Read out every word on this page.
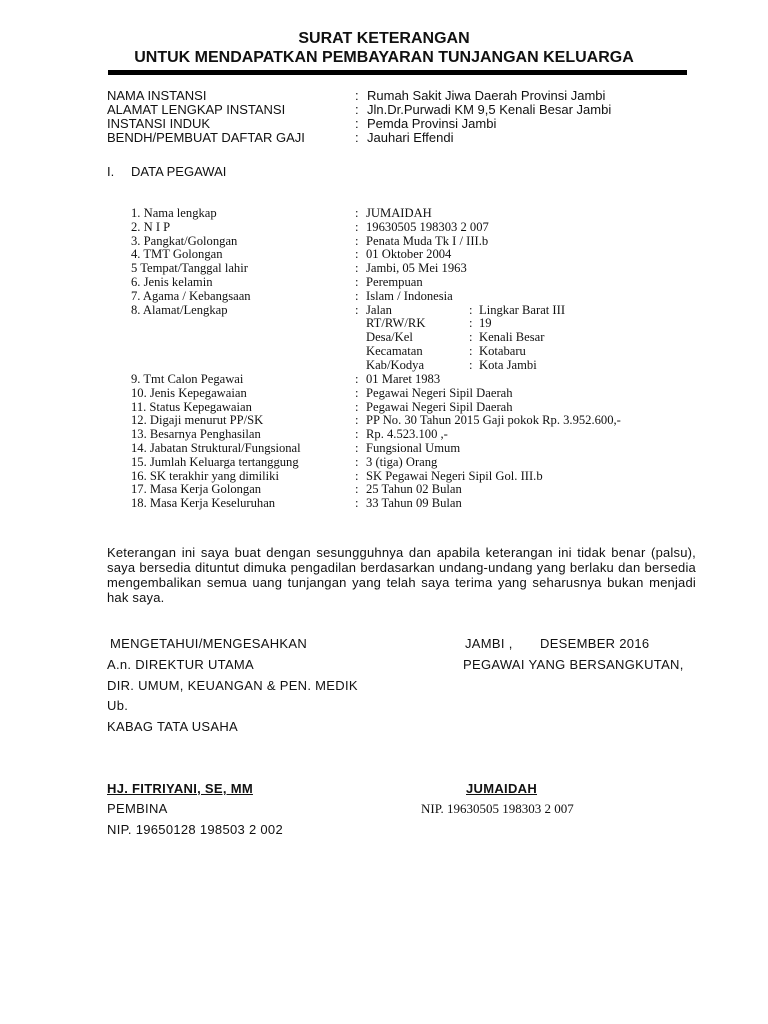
SURAT KETERANGAN
UNTUK MENDAPATKAN PEMBAYARAN TUNJANGAN KELUARGA
NAMA INSTANSI	: Rumah Sakit Jiwa Daerah Provinsi Jambi
ALAMAT LENGKAP INSTANSI	: Jln.Dr.Purwadi KM 9,5 Kenali Besar Jambi
INSTANSI INDUK	: Pemda Provinsi Jambi
BENDH/PEMBUAT DAFTAR GAJI	: Jauhari Effendi
I. DATA PEGAWAI
1. Nama lengkap	: JUMAIDAH
2. N I P	: 19630505 198303 2 007
3. Pangkat/Golongan	: Penata Muda Tk I / III.b
4. TMT Golongan	: 01 Oktober 2004
5 Tempat/Tanggal lahir	: Jambi, 05 Mei 1963
6. Jenis kelamin	: Perempuan
7. Agama / Kebangsaan	: Islam / Indonesia
8. Alamat/Lengkap	: Jalan	: Lingkar Barat III
RT/RW/RK	: 19
Desa/Kel	: Kenali Besar
Kecamatan	: Kotabaru
Kab/Kodya	: Kota Jambi
9. Tmt Calon Pegawai	: 01 Maret 1983
10. Jenis Kepegawaian	: Pegawai Negeri Sipil Daerah
11. Status Kepegawaian	: Pegawai Negeri Sipil Daerah
12. Digaji menurut PP/SK	: PP No. 30 Tahun 2015 Gaji pokok Rp. 3.952.600,-
13. Besarnya Penghasilan	: Rp. 4.523.100 ,-
14. Jabatan Struktural/Fungsional	: Fungsional Umum
15. Jumlah Keluarga tertanggung	: 3 (tiga) Orang
16. SK terakhir yang dimiliki	: SK Pegawai Negeri Sipil Gol. III.b
17. Masa Kerja Golongan	: 25 Tahun 02 Bulan
18. Masa Kerja Keseluruhan	: 33 Tahun 09 Bulan
Keterangan ini saya buat dengan sesungguhnya dan apabila keterangan ini tidak benar (palsu), saya bersedia dituntut dimuka pengadilan berdasarkan undang-undang yang berlaku dan bersedia mengembalikan semua uang tunjangan yang telah saya terima yang seharusnya bukan menjadi hak saya.
MENGETAHUI/MENGESAHKAN
A.n. DIREKTUR UTAMA
DIR. UMUM, KEUANGAN & PEN. MEDIK
Ub.
KABAG TATA USAHA
JAMBI , DESEMBER 2016
PEGAWAI YANG BERSANGKUTAN,
HJ. FITRIYANI, SE, MM	JUMAIDAH
PEMBINA	NIP. 19630505 198303 2 007
NIP. 19650128 198503 2 002
